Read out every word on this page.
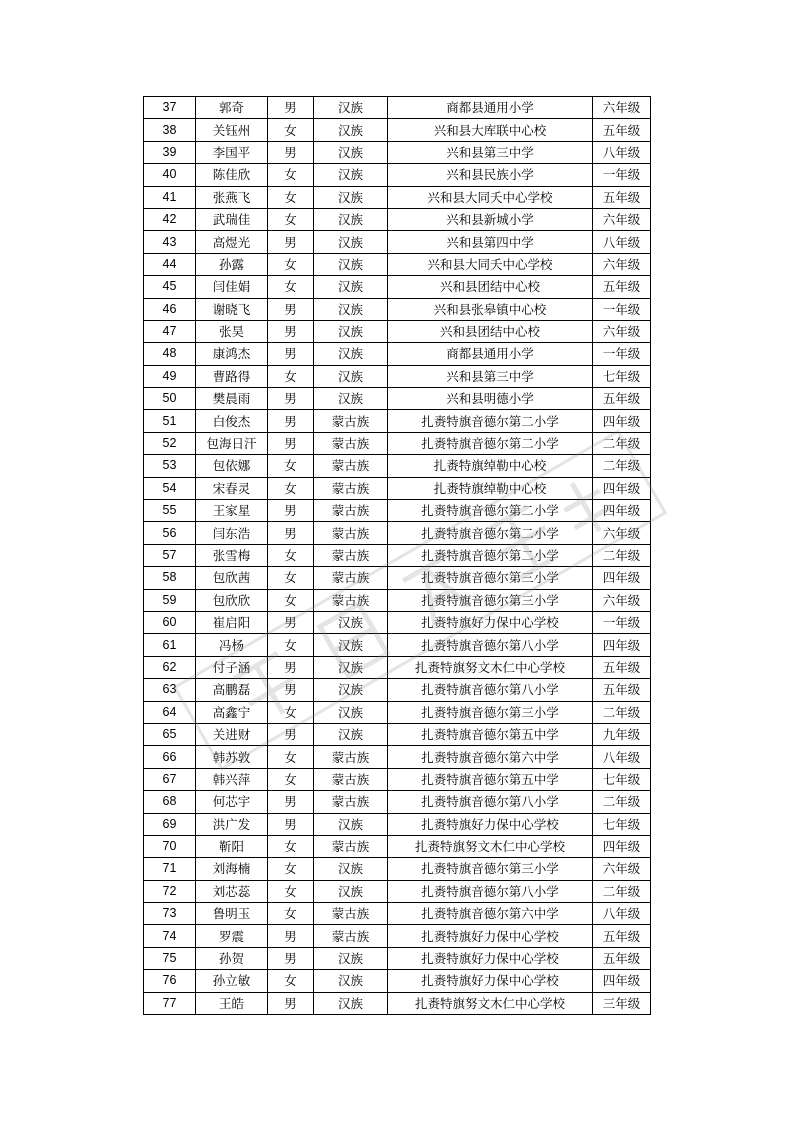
37	郭奇	男	汉族	商都县通用小学	六年级
38	关钰州	女	汉族	兴和县大库联中心校	五年级
39	李国平	男	汉族	兴和县第三中学	八年级
40	陈佳欣	女	汉族	兴和县民族小学	一年级
41	张燕飞	女	汉族	兴和县大同夭中心学校	五年级
42	武瑞佳	女	汉族	兴和县新城小学	六年级
43	高煜光	男	汉族	兴和县第四中学	八年级
44	孙露	女	汉族	兴和县大同夭中心学校	六年级
45	闫佳娟	女	汉族	兴和县团结中心校	五年级
46	谢晓飞	男	汉族	兴和县张皋镇中心校	一年级
47	张昊	男	汉族	兴和县团结中心校	六年级
48	康鸿杰	男	汉族	商都县通用小学	一年级
49	曹路得	女	汉族	兴和县第三中学	七年级
50	樊晨雨	男	汉族	兴和县明德小学	五年级
51	白俊杰	男	蒙古族	扎赉特旗音德尔第二小学	四年级
52	包海日汗	男	蒙古族	扎赉特旗音德尔第二小学	二年级
53	包依娜	女	蒙古族	扎赉特旗绰勒中心校	二年级
54	宋春灵	女	蒙古族	扎赉特旗绰勒中心校	四年级
55	王家星	男	蒙古族	扎赉特旗音德尔第二小学	四年级
56	闫东浩	男	蒙古族	扎赉特旗音德尔第二小学	六年级
57	张雪梅	女	蒙古族	扎赉特旗音德尔第二小学	二年级
58	包欣茜	女	蒙古族	扎赉特旗音德尔第三小学	四年级
59	包欣欣	女	蒙古族	扎赉特旗音德尔第三小学	六年级
60	崔启阳	男	汉族	扎赉特旗好力保中心学校	一年级
61	冯杨	女	汉族	扎赉特旗音德尔第八小学	四年级
62	付子涵	男	汉族	扎赉特旗努文木仁中心学校	五年级
63	高鹏磊	男	汉族	扎赉特旗音德尔第八小学	五年级
64	高鑫宁	女	汉族	扎赉特旗音德尔第三小学	二年级
65	关进财	男	汉族	扎赉特旗音德尔第五中学	九年级
66	韩苏敦	女	蒙古族	扎赉特旗音德尔第六中学	八年级
67	韩兴萍	女	蒙古族	扎赉特旗音德尔第五中学	七年级
68	何芯宇	男	蒙古族	扎赉特旗音德尔第八小学	二年级
69	洪广发	男	汉族	扎赉特旗好力保中心学校	七年级
70	靳阳	女	蒙古族	扎赉特旗努文木仁中心学校	四年级
71	刘海楠	女	汉族	扎赉特旗音德尔第三小学	六年级
72	刘芯蕊	女	汉族	扎赉特旗音德尔第八小学	二年级
73	鲁明玉	女	蒙古族	扎赉特旗音德尔第六中学	八年级
74	罗震	男	蒙古族	扎赉特旗好力保中心学校	五年级
75	孙贺	男	汉族	扎赉特旗好力保中心学校	五年级
76	孙立敏	女	汉族	扎赉特旗好力保中心学校	四年级
77	王皓	男	汉族	扎赉特旗努文木仁中心学校	三年级
